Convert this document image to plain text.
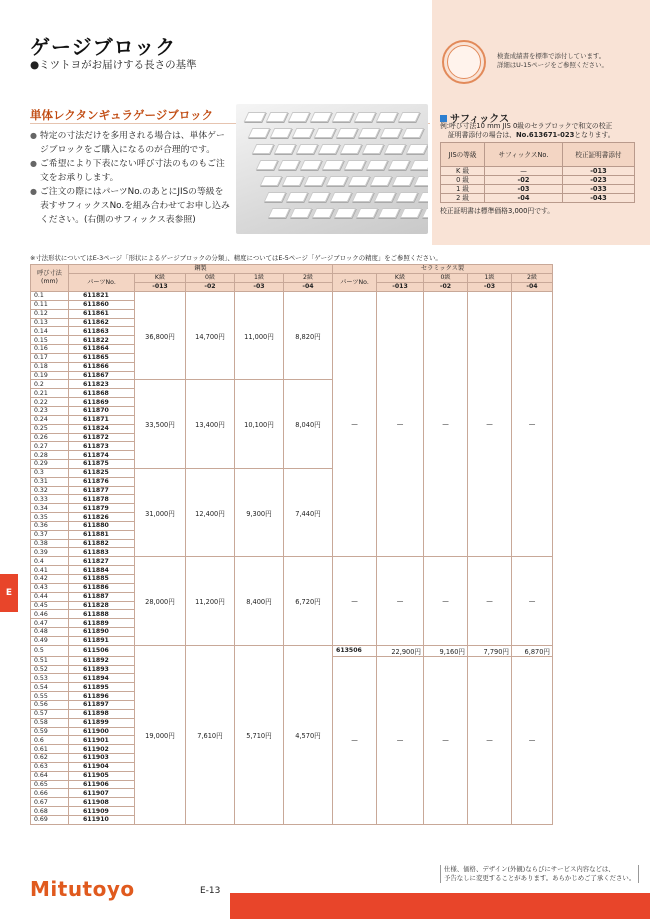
ゲージブロック
●ミツトヨがお届けする長さの基準
検査成績書を標準で添付しています。
詳細はU-15ページをご参照ください。
単体レクタンギュラゲージブロック
● 特定の寸法だけを多用される場合は、単体ゲージブロックをご購入になるのが合理的です。
● ご希望により下表にない呼び寸法のものもご注文をお承りします。
● ご注文の際にはパーツNo.のあとにJISの等級を表すサフィックスNo.を組み合わせてお申し込みください。(右側のサフィックス表参照)
サフィックス
例:呼び寸法10 mm JIS 0級のセラブロックで和文の校正
証明書添付の場合は、No.613671-023となります。
JISの等級	サフィックスNo.	校正証明書添付
K 級	—	-013
0 級	-02	-023
1 級	-03	-033
2 級	-04	-043
校正証明書は標準価格3,000円です。
※寸法形状についてはE-3ページ「形状によるゲージブロックの分類」、精度についてはE-5ページ「ゲージブロックの精度」をご参照ください。
呼び寸法
(mm)	鋼製					セラミックス製				
	パーツNo.	K級	0級	1級	2級	パーツNo.	K級	0級	1級	2級
		-013	-02	-03	-04		-013	-02	-03	-04
0.1	611821	36,800円	14,700円	11,000円	8,820円	—	—	—	—	—
0.11	611860									
0.12	611861									
0.13	611862									
0.14	611863									
0.15	611822									
0.16	611864									
0.17	611865									
0.18	611866									
0.19	611867									
0.2	611823	33,500円	13,400円	10,100円	8,040円					
0.21	611868									
0.22	611869									
0.23	611870									
0.24	611871									
0.25	611824									
0.26	611872									
0.27	611873									
0.28	611874									
0.29	611875									
0.3	611825	31,000円	12,400円	9,300円	7,440円					
0.31	611876									
0.32	611877									
0.33	611878									
0.34	611879									
0.35	611826									
0.36	611880									
0.37	611881									
0.38	611882									
0.39	611883									
0.4	611827	28,000円	11,200円	8,400円	6,720円	—	—	—	—	—
0.41	611884									
0.42	611885									
0.43	611886									
0.44	611887									
0.45	611828									
0.46	611888									
0.47	611889									
0.48	611890									
0.49	611891									
0.5	611506	19,000円	7,610円	5,710円	4,570円	613506	22,900円	9,160円	7,790円	6,870円
0.51	611892					—	—	—	—	—
0.52	611893									
0.53	611894									
0.54	611895									
0.55	611896									
0.56	611897									
0.57	611898									
0.58	611899									
0.59	611900									
0.6	611901									
0.61	611902									
0.62	611903									
0.63	611904									
0.64	611905									
0.65	611906									
0.66	611907									
0.67	611908									
0.68	611909									
0.69	611910									
E
仕様、価格、デザイン(外観)ならびにサービス内容などは、
予告なしに変更することがあります。あらかじめご了承ください。
Mitutoyo	E-13
